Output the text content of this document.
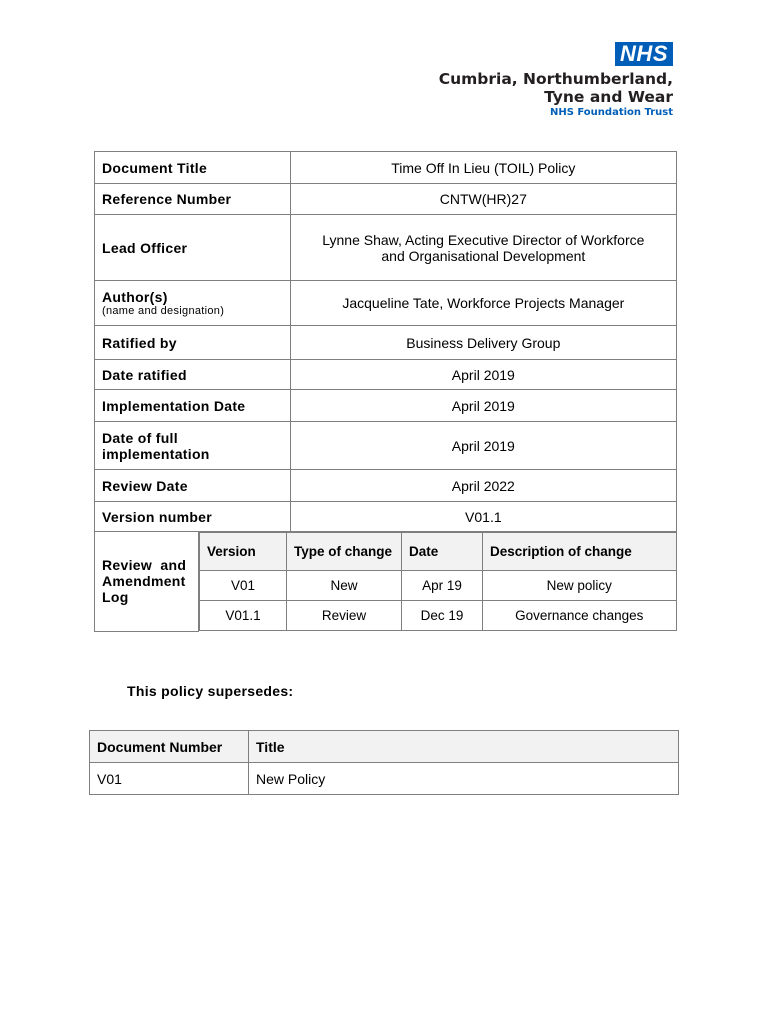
NHS
Cumbria, Northumberland,
Tyne and Wear
NHS Foundation Trust
Document Title	Time Off In Lieu (TOIL) Policy
Reference Number	CNTW(HR)27
Lead Officer	Lynne Shaw, Acting Executive Director of Workforce
and Organisational Development

Author(s)
(name and designation)	Jacqueline Tate, Workforce Projects Manager
Ratified by	Business Delivery Group
Date ratified	April 2019
Implementation Date	April 2019

Date of full
implementation	April 2019
Review Date	April 2022
Version number	V01.1

Review  and
Amendment
Log

Version	Type of change	Date	Description of change
V01	New	Apr 19	New policy
V01.1	Review	Dec 19	Governance changes
This policy supersedes:
Document Number	Title
V01	New Policy
